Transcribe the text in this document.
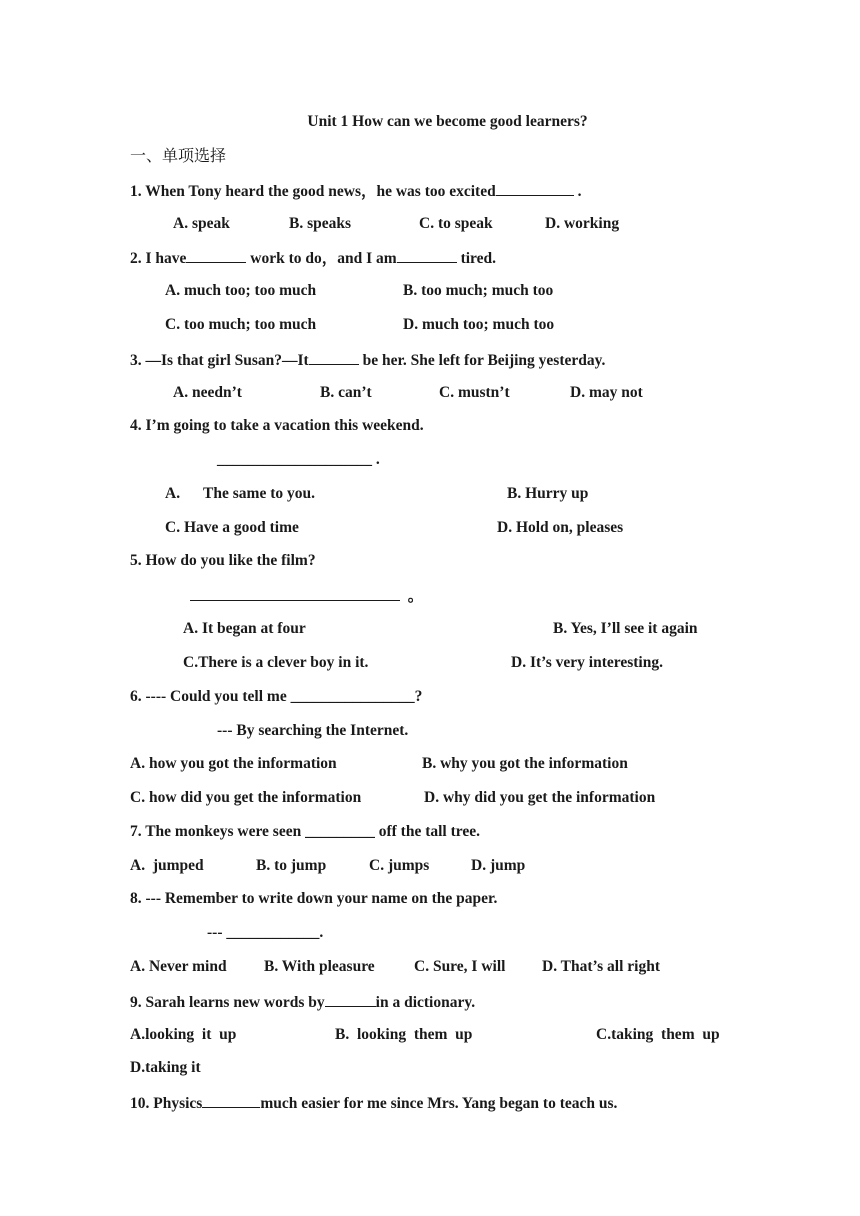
Unit 1 How can we become good learners?
一、单项选择
1. When Tony heard the good news，he was too excited	.
A. speak	B. speaks	C. to speak	D. working
2. I have	work to do，and I am	tired.
A. much too; too much	B. too much; much too
C. too much; too much	D. much too; much too
3. —Is that girl Susan?—It	be her. She left for Beijing yesterday.
A. needn’t	B. can’t	C. mustn’t	D. may not
4. I’m going to take a vacation this weekend.
____________________ .
A.      The same to you.	B. Hurry up
C. Have a good time	D. Hold on, pleases
5. How do you like the film?
。
A. It began at four	B. Yes, I’ll see it again
C.There is a clever boy in it.	D. It’s very interesting.
6. ---- Could you tell me ________________?
--- By searching the Internet.
A. how you got the information	B. why you got the information
C. how did you get the information	D. why did you get the information
7. The monkeys were seen _________ off the tall tree.
A.  jumped	B. to jump	C. jumps	D. jump
8. --- Remember to write down your name on the paper.
--- ____________.
A. Never mind B. With pleasure	C. Sure, I will D. That’s all right
9. Sarah learns new words by	in a dictionary.
A.looking  it  up	B.  looking  them  up	C.taking  them  up
D.taking it
10. Physics	much easier for me since Mrs. Yang began to teach us.
